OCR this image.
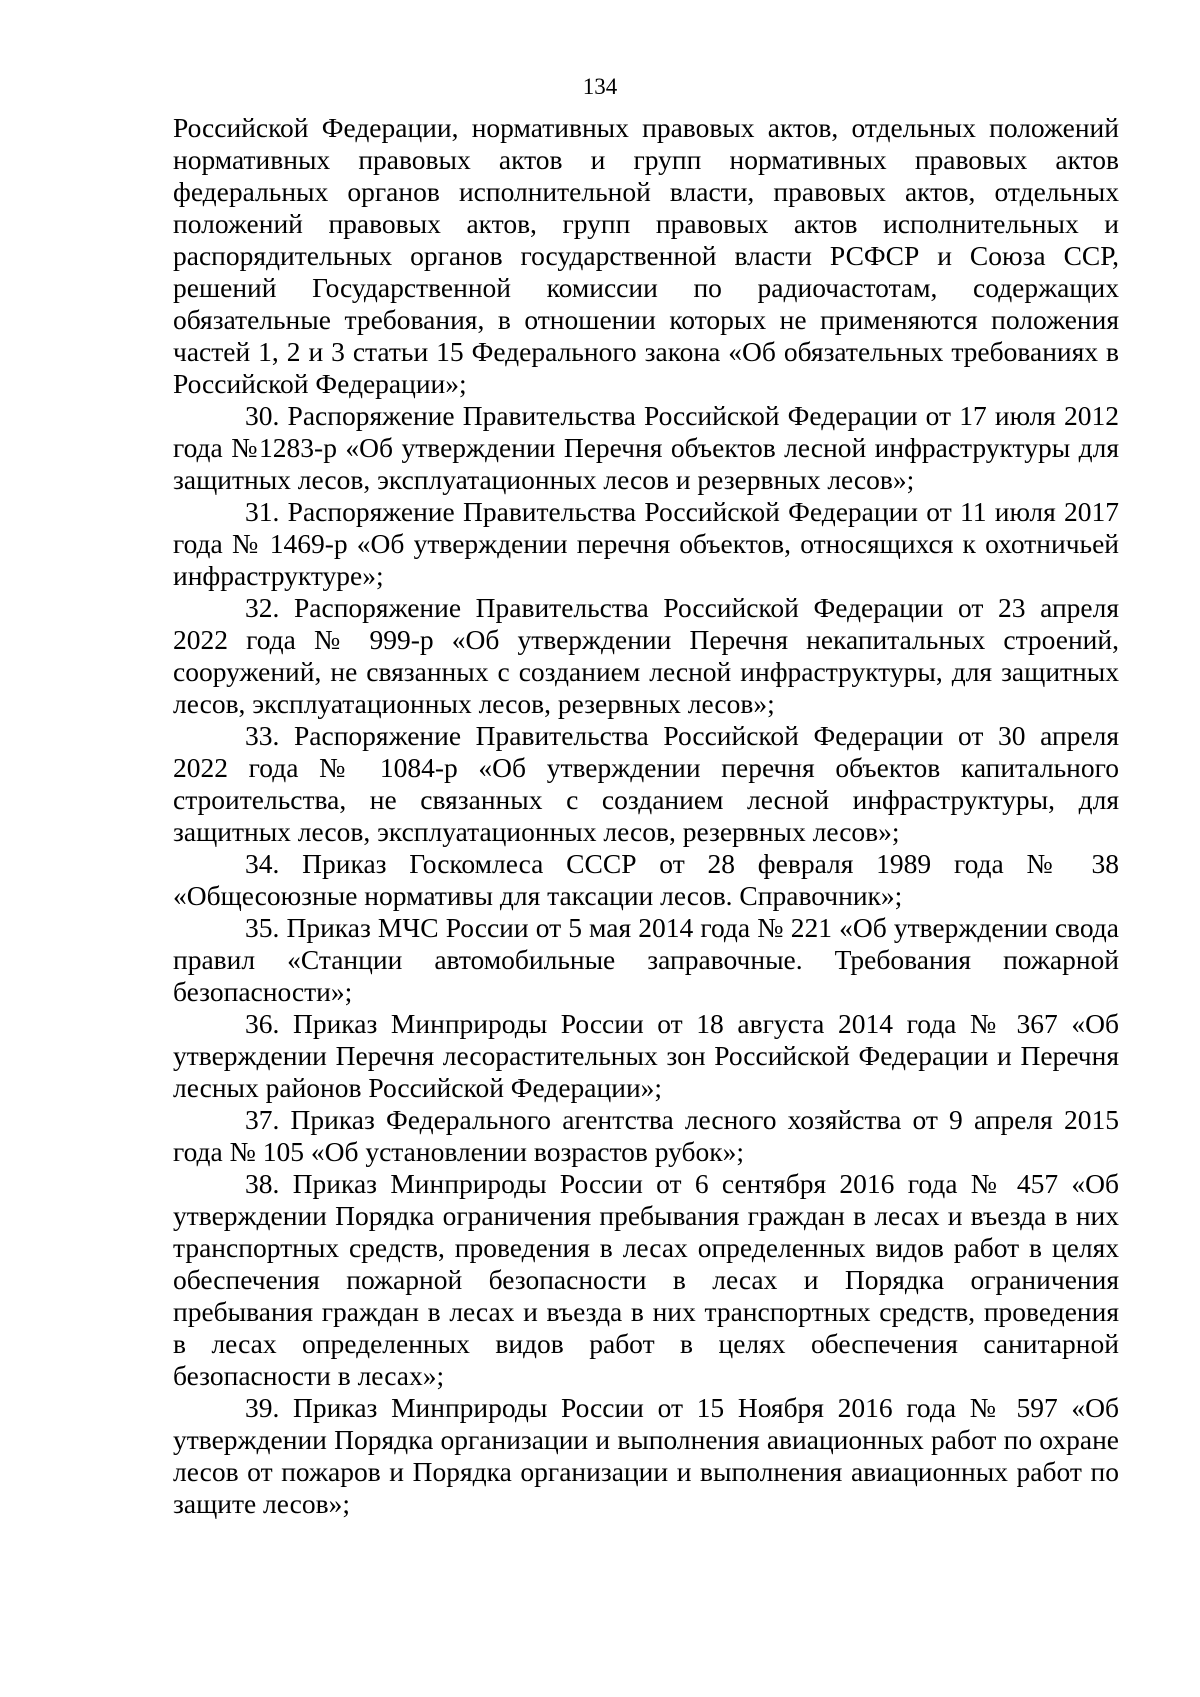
134

Российской Федерации, нормативных правовых актов, отдельных положений нормативных правовых актов и групп нормативных правовых актов федеральных органов исполнительной власти, правовых актов, отдельных положений правовых актов, групп правовых актов исполнительных и распорядительных органов государственной власти РСФСР и Союза ССР, решений Государственной комиссии по радиочастотам, содержащих обязательные требования, в отношении которых не применяются положения частей 1, 2 и 3 статьи 15 Федерального закона «Об обязательных требованиях в Российской Федерации»;

30. Распоряжение Правительства Российской Федерации от 17 июля 2012 года №1283-р «Об утверждении Перечня объектов лесной инфраструктуры для защитных лесов, эксплуатационных лесов и резервных лесов»;

31. Распоряжение Правительства Российской Федерации от 11 июля 2017 года № 1469-р «Об утверждении перечня объектов, относящихся к охотничьей инфраструктуре»;

32. Распоряжение Правительства Российской Федерации от 23 апреля 2022 года № 999-р «Об утверждении Перечня некапитальных строений, сооружений, не связанных с созданием лесной инфраструктуры, для защитных лесов, эксплуатационных лесов, резервных лесов»;

33. Распоряжение Правительства Российской Федерации от 30 апреля 2022 года № 1084-р «Об утверждении перечня объектов капитального строительства, не связанных с созданием лесной инфраструктуры, для защитных лесов, эксплуатационных лесов, резервных лесов»;

34. Приказ Госкомлеса СССР от 28 февраля 1989 года № 38 «Общесоюзные нормативы для таксации лесов. Справочник»;

35. Приказ МЧС России от 5 мая 2014 года № 221 «Об утверждении свода правил «Станции автомобильные заправочные. Требования пожарной безопасности»;

36. Приказ Минприроды России от 18 августа 2014 года № 367 «Об утверждении Перечня лесорастительных зон Российской Федерации и Перечня лесных районов Российской Федерации»;

37. Приказ Федерального агентства лесного хозяйства от 9 апреля 2015 года № 105 «Об установлении возрастов рубок»;

38. Приказ Минприроды России от 6 сентября 2016 года № 457 «Об утверждении Порядка ограничения пребывания граждан в лесах и въезда в них транспортных средств, проведения в лесах определенных видов работ в целях обеспечения пожарной безопасности в лесах и Порядка ограничения пребывания граждан в лесах и въезда в них транспортных средств, проведения в лесах определенных видов работ в целях обеспечения санитарной безопасности в лесах»;

39. Приказ Минприроды России от 15 Ноября 2016 года № 597 «Об утверждении Порядка организации и выполнения авиационных работ по охране лесов от пожаров и Порядка организации и выполнения авиационных работ по защите лесов»;
